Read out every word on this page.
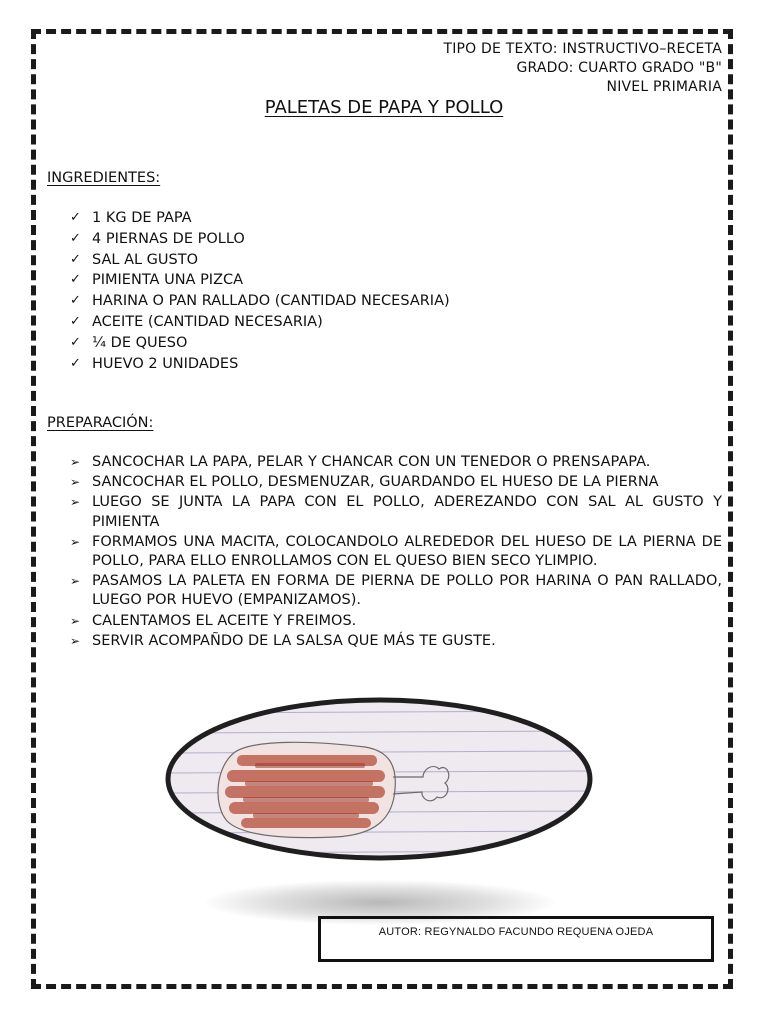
TIPO DE TEXTO: INSTRUCTIVO–RECETA
GRADO: CUARTO GRADO "B"
NIVEL PRIMARIA
PALETAS DE PAPA Y POLLO
INGREDIENTES:
✓ 1 KG DE PAPA
✓ 4 PIERNAS DE POLLO
✓ SAL AL GUSTO
✓ PIMIENTA UNA PIZCA
✓ HARINA O PAN RALLADO (CANTIDAD NECESARIA)
✓ ACEITE (CANTIDAD NECESARIA)
✓ ¼ DE QUESO
✓ HUEVO 2 UNIDADES
PREPARACIÓN:
➢ SANCOCHAR LA PAPA, PELAR Y CHANCAR CON UN TENEDOR O PRENSAPAPA.
➢ SANCOCHAR EL POLLO, DESMENUZAR, GUARDANDO EL HUESO DE LA PIERNA
➢ LUEGO SE JUNTA LA PAPA CON EL POLLO, ADEREZANDO CON SAL AL GUSTO Y PIMIENTA
➢ FORMAMOS UNA MACITA, COLOCANDOLO ALREDEDOR DEL HUESO DE LA PIERNA DE POLLO, PARA ELLO ENROLLAMOS CON EL QUESO BIEN SECO YLIMPIO.
➢ PASAMOS LA PALETA EN FORMA DE PIERNA DE POLLO POR HARINA O PAN RALLADO, LUEGO POR HUEVO (EMPANIZAMOS).
➢ CALENTAMOS EL ACEITE Y FREIMOS.
➢ SERVIR ACOMPAÑDO DE LA SALSA QUE MÁS TE GUSTE.
AUTOR: REGYNALDO FACUNDO REQUENA OJEDA
